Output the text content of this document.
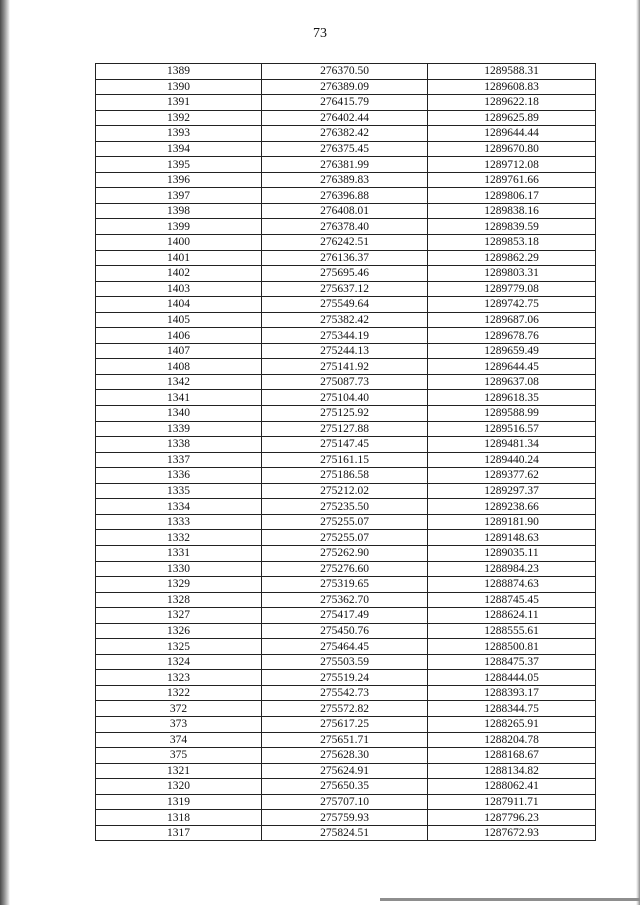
73
1389	276370.50	1289588.31
1390	276389.09	1289608.83
1391	276415.79	1289622.18
1392	276402.44	1289625.89
1393	276382.42	1289644.44
1394	276375.45	1289670.80
1395	276381.99	1289712.08
1396	276389.83	1289761.66
1397	276396.88	1289806.17
1398	276408.01	1289838.16
1399	276378.40	1289839.59
1400	276242.51	1289853.18
1401	276136.37	1289862.29
1402	275695.46	1289803.31
1403	275637.12	1289779.08
1404	275549.64	1289742.75
1405	275382.42	1289687.06
1406	275344.19	1289678.76
1407	275244.13	1289659.49
1408	275141.92	1289644.45
1342	275087.73	1289637.08
1341	275104.40	1289618.35
1340	275125.92	1289588.99
1339	275127.88	1289516.57
1338	275147.45	1289481.34
1337	275161.15	1289440.24
1336	275186.58	1289377.62
1335	275212.02	1289297.37
1334	275235.50	1289238.66
1333	275255.07	1289181.90
1332	275255.07	1289148.63
1331	275262.90	1289035.11
1330	275276.60	1288984.23
1329	275319.65	1288874.63
1328	275362.70	1288745.45
1327	275417.49	1288624.11
1326	275450.76	1288555.61
1325	275464.45	1288500.81
1324	275503.59	1288475.37
1323	275519.24	1288444.05
1322	275542.73	1288393.17
372	275572.82	1288344.75
373	275617.25	1288265.91
374	275651.71	1288204.78
375	275628.30	1288168.67
1321	275624.91	1288134.82
1320	275650.35	1288062.41
1319	275707.10	1287911.71
1318	275759.93	1287796.23
1317	275824.51	1287672.93
